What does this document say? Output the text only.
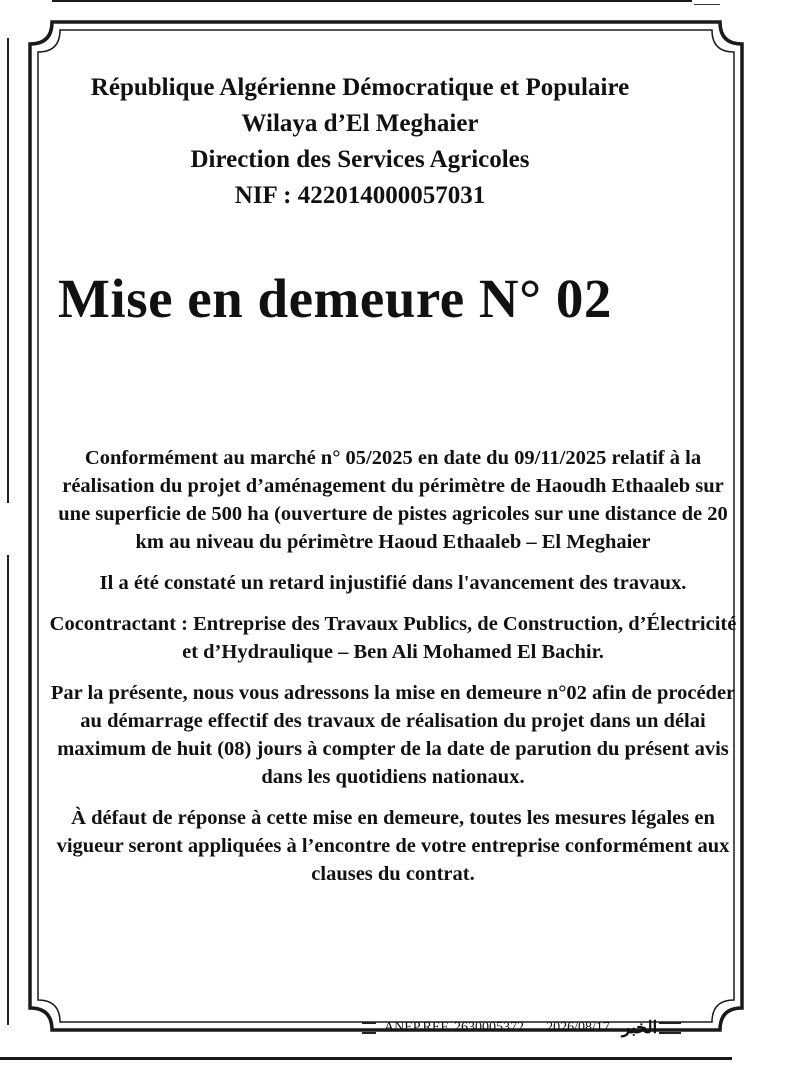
République Algérienne Démocratique et Populaire
Wilaya d’El Meghaier
Direction des Services Agricoles
NIF : 422014000057031
Mise en demeure N° 02

Conformément au marché n° 05/2025 en date du 09/11/2025 relatif à la réalisation du projet d’aménagement du périmètre de Haoudh Ethaaleb sur une superficie de 500 ha (ouverture de pistes agricoles sur une distance de 20 km au niveau du périmètre Haoud Ethaaleb – El Meghaier

Il a été constaté un retard injustifié dans l'avancement des travaux.

Cocontractant : Entreprise des Travaux Publics, de Construction, d’Électricité et d’Hydraulique – Ben Ali Mohamed El Bachir.

Par la présente, nous vous adressons la mise en demeure n°02 afin de procéder au démarrage effectif des travaux de réalisation du projet dans un délai maximum de huit (08) jours à compter de la date de parution du présent avis dans les quotidiens nationaux.

À défaut de réponse à cette mise en demeure, toutes les mesures légales en vigueur seront appliquées à l’encontre de votre entreprise conformément aux clauses du contrat.

ANEP.REF. 2630005372 2026/08/17 الخبر
